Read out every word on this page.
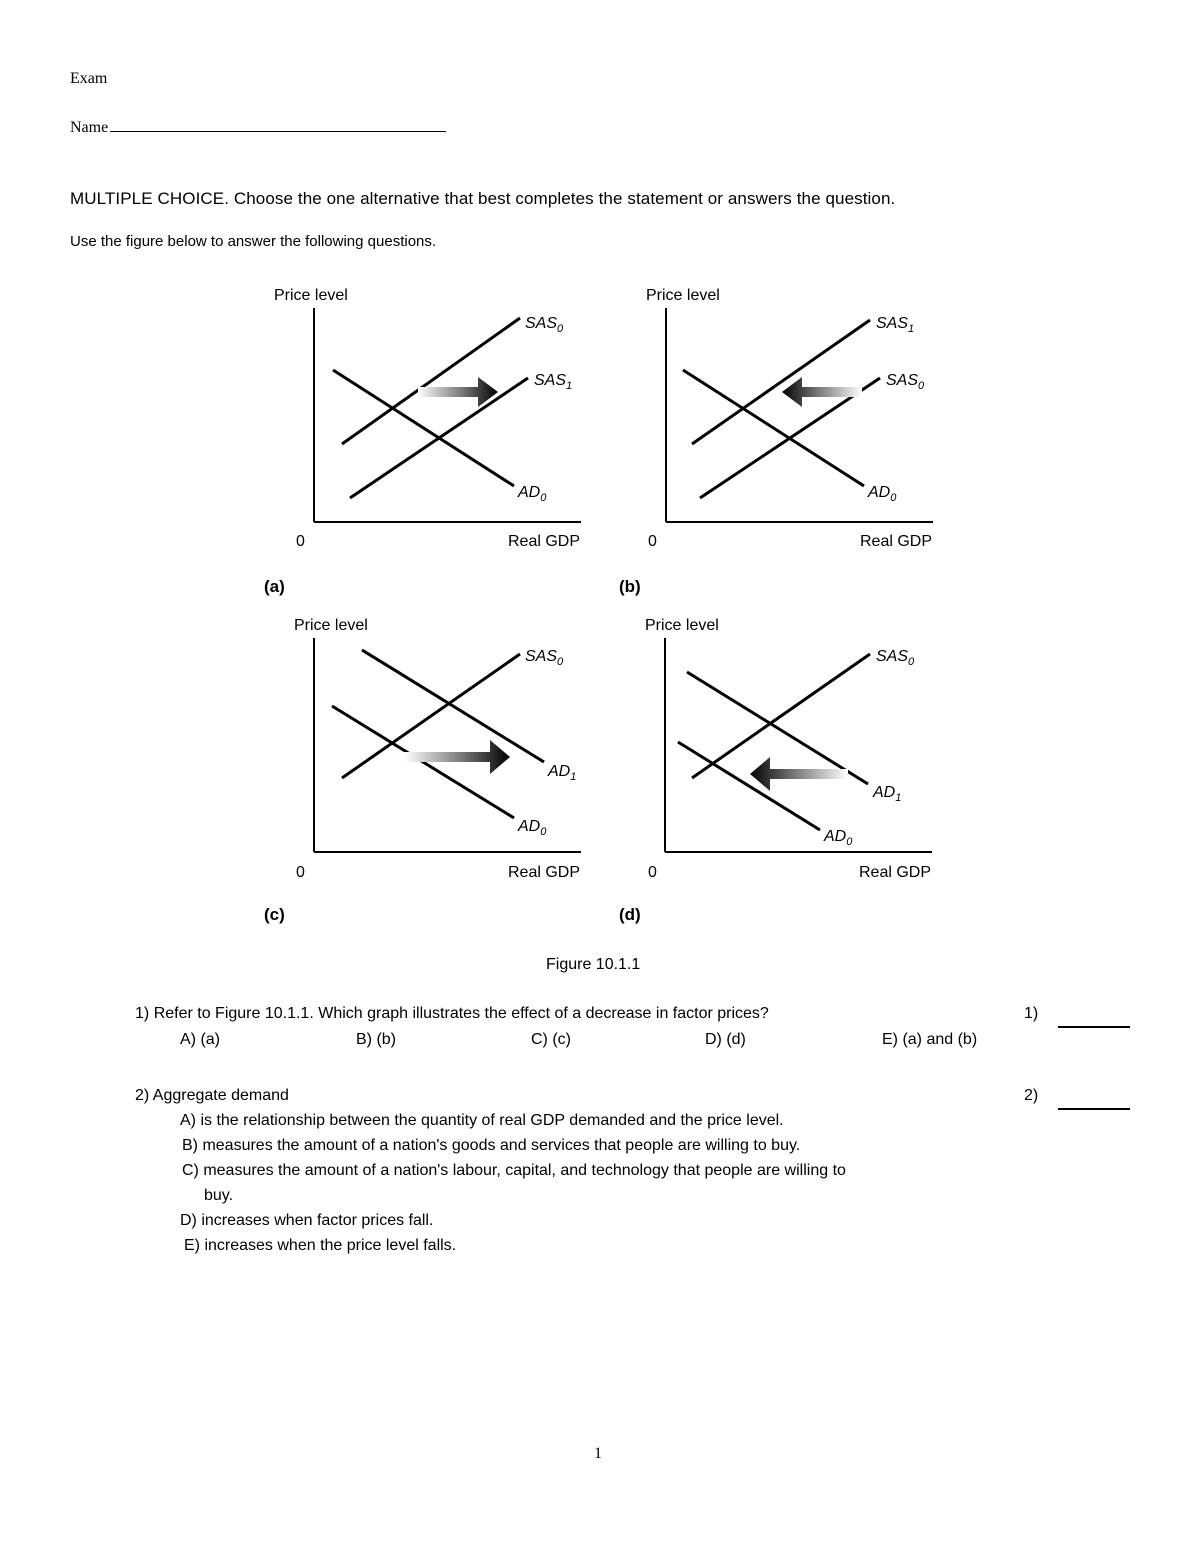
Exam
Name
MULTIPLE CHOICE. Choose the one alternative that best completes the statement or answers the question.
Use the figure below to answer the following questions.
Price level
0	Real GDP
$SAS_0$
$SAS_1$
$AD_0$
(a)
Price level
0	Real GDP
$SAS_1$
$SAS_0$
$AD_0$
(b)
Price level
0	Real GDP
$SAS_0$
$AD_1$
$AD_0$
(c)
Price level
0	Real GDP
$SAS_0$
$AD_1$
$AD_0$
(d)
Figure 10.1.1
1) Refer to Figure 10.1.1. Which graph illustrates the effect of a decrease in factor prices?	1)
A) (a)	B) (b)	C) (c)	D) (d)	E) (a) and (b)
2) Aggregate demand	2)
A) is the relationship between the quantity of real GDP demanded and the price level.
B) measures the amount of a nation's goods and services that people are willing to buy.
C) measures the amount of a nation's labour, capital, and technology that people are willing to
buy.
D) increases when factor prices fall.
E) increases when the price level falls.
1
